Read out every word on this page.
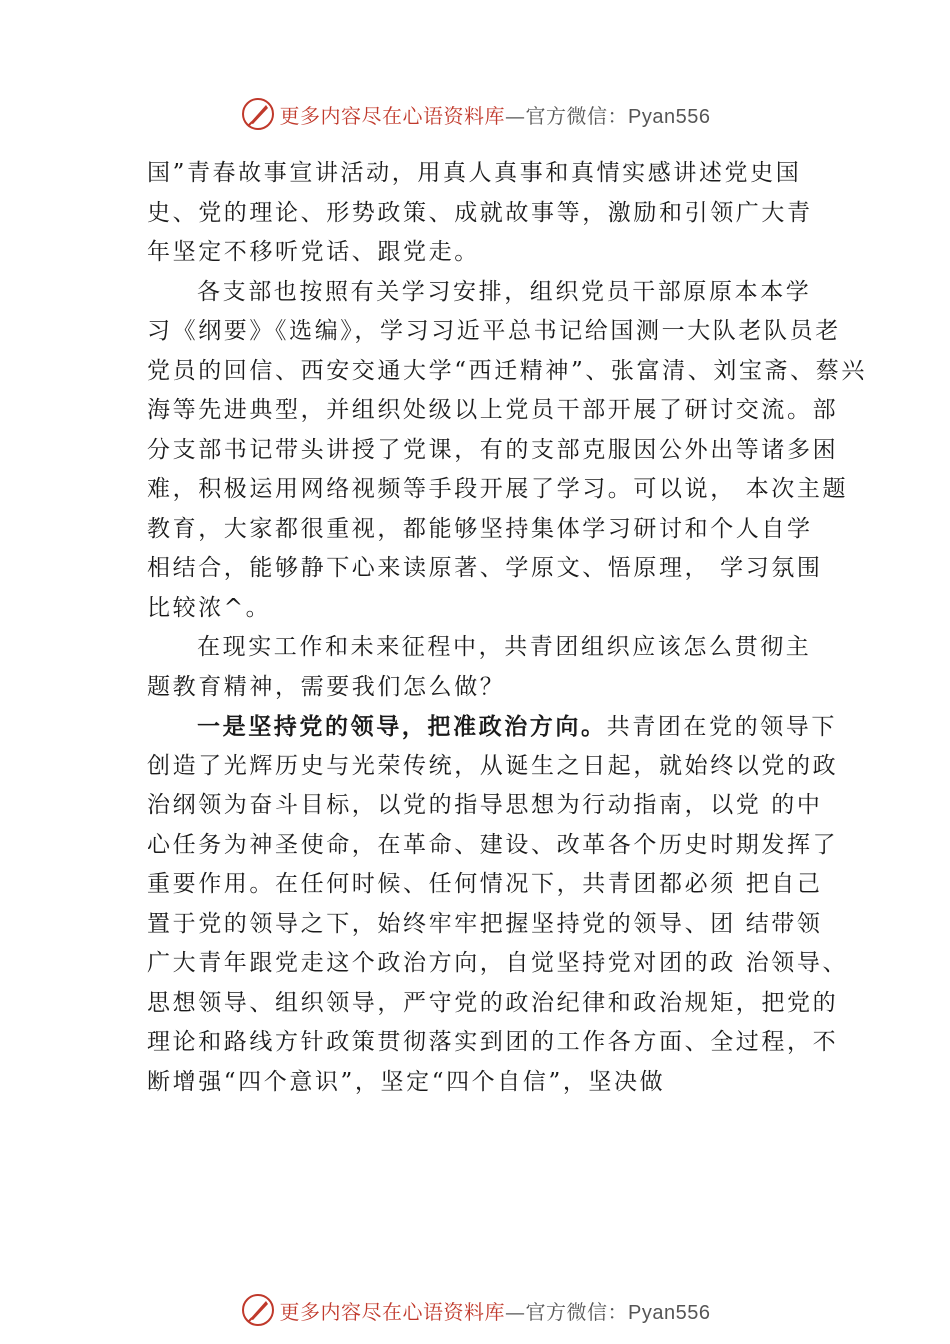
更多内容尽在心语资料库—官方微信：Pyan556
国”青春故事宣讲活动，用真人真事和真情实感讲述党史国
史、党的理论、形势政策、成就故事等，激励和引领广大青
年坚定不移听党话、跟党走。
各支部也按照有关学习安排，组织党员干部原原本本学
习《纲要》《选编》，学习习近平总书记给国测一大队老队员老
党员的回信、西安交通大学“西迁精神”、张富清、刘宝斋、蔡兴
海等先进典型，并组织处级以上党员干部开展了研讨交流。部
分支部书记带头讲授了党课，有的支部克服因公外出等诸多困
难，积极运用网络视频等手段开展了学习。可以说， 本次主题
教育，大家都很重视，都能够坚持集体学习研讨和个人自学
相结合，能够静下心来读原著、学原文、悟原理， 学习氛围
比较浓^。
在现实工作和未来征程中，共青团组织应该怎么贯彻主
题教育精神，需要我们怎么做？
一是坚持党的领导，把准政治方向。共青团在党的领导下
创造了光辉历史与光荣传统，从诞生之日起，就始终以党的政
治纲领为奋斗目标，以党的指导思想为行动指南，以党 的中
心任务为神圣使命，在革命、建设、改革各个历史时期发挥了
重要作用。在任何时候、任何情况下，共青团都必须 把自己
置于党的领导之下，始终牢牢把握坚持党的领导、团 结带领
广大青年跟党走这个政治方向，自觉坚持党对团的政 治领导、
思想领导、组织领导，严守党的政治纪律和政治规矩，把党的
理论和路线方针政策贯彻落实到团的工作各方面、全过程，不
断增强“四个意识”，坚定“四个自信”，坚决做
更多内容尽在心语资料库—官方微信：Pyan556
